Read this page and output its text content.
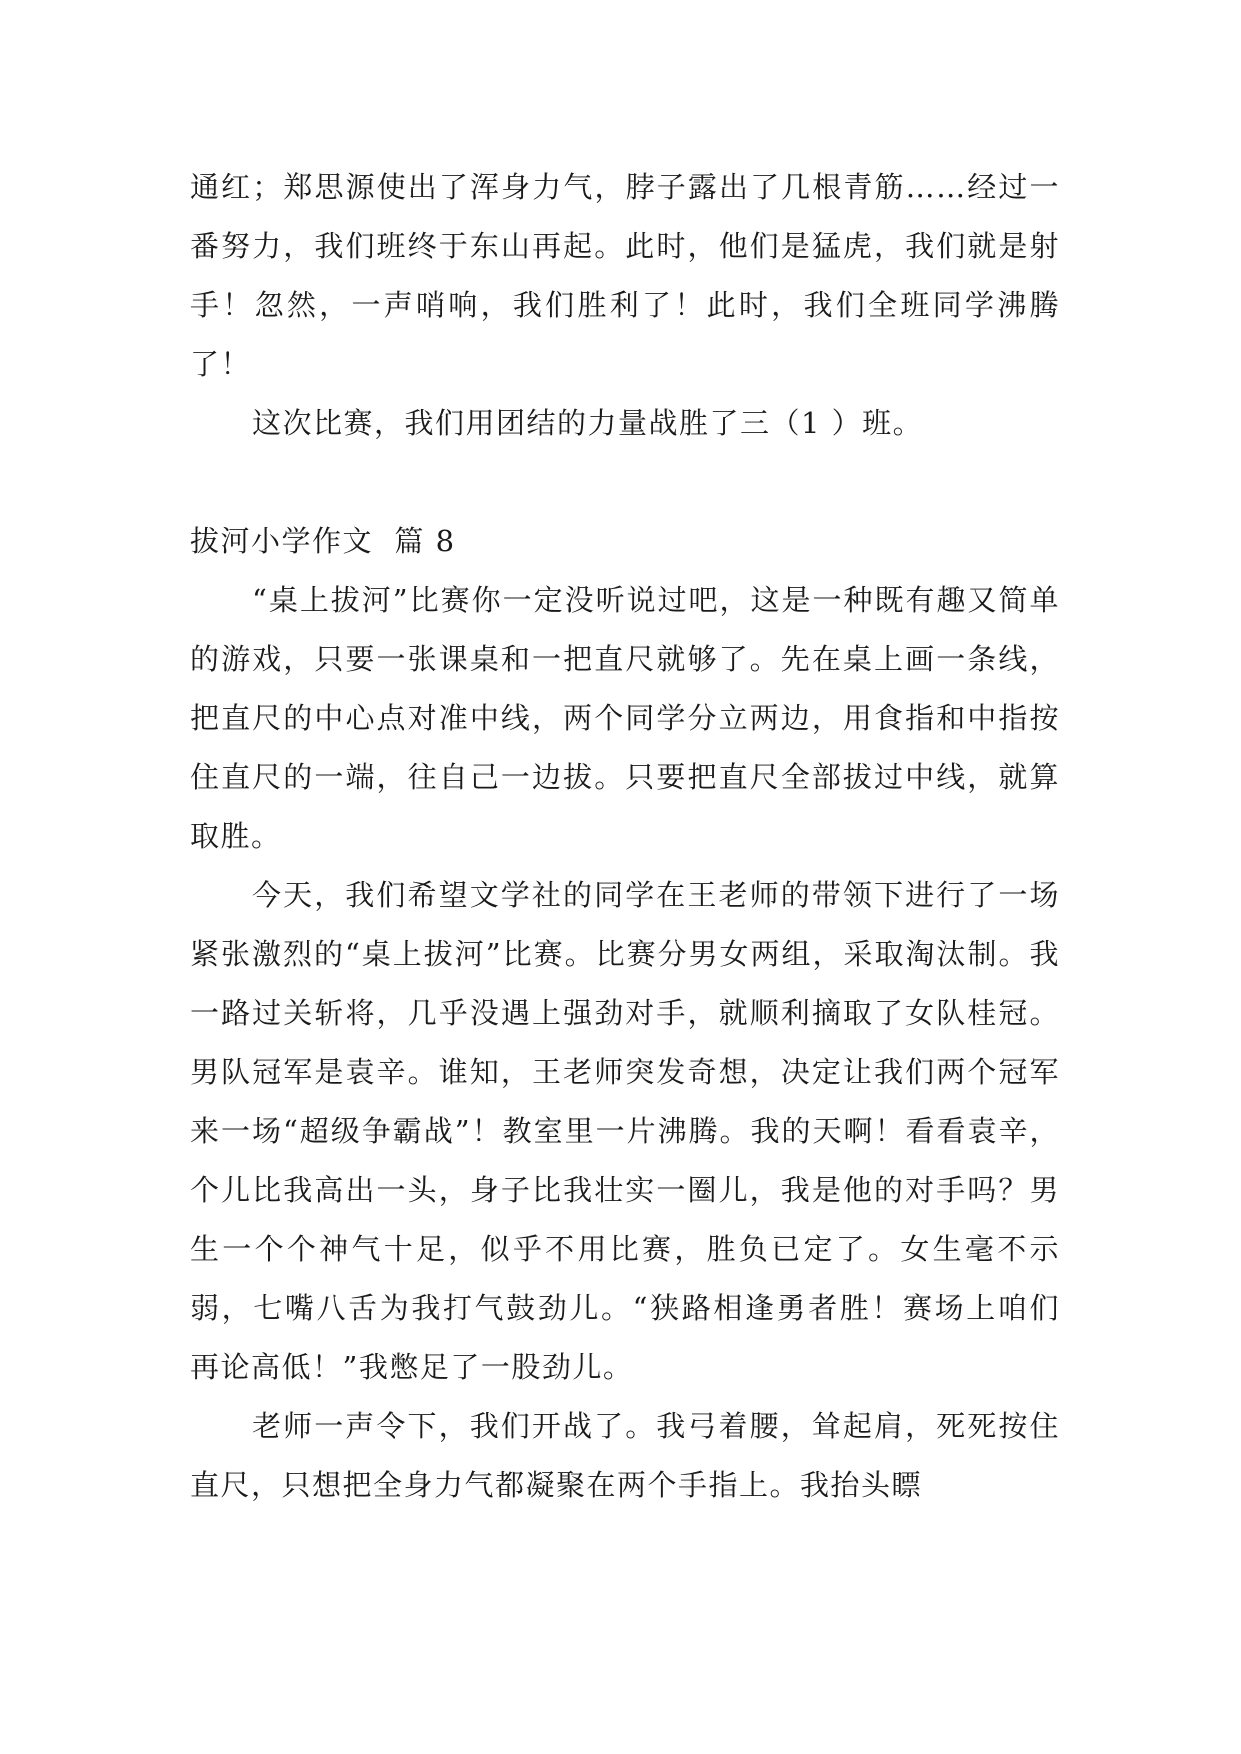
通红；郑思源使出了浑身力气，脖子露出了几根青筋……经过一番努力，我们班终于东山再起。此时，他们是猛虎，我们就是射手！忽然，一声哨响，我们胜利了！此时，我们全班同学沸腾了！

这次比赛，我们用团结的力量战胜了三（1 ）班。

拔河小学作文  篇 8

“桌上拔河”比赛你一定没听说过吧，这是一种既有趣又简单的游戏，只要一张课桌和一把直尺就够了。先在桌上画一条线，把直尺的中心点对准中线，两个同学分立两边，用食指和中指按住直尺的一端，往自己一边拔。只要把直尺全部拔过中线，就算取胜。

今天，我们希望文学社的同学在王老师的带领下进行了一场紧张激烈的“桌上拔河”比赛。比赛分男女两组，采取淘汰制。我一路过关斩将，几乎没遇上强劲对手，就顺利摘取了女队桂冠。男队冠军是袁辛。谁知，王老师突发奇想，决定让我们两个冠军来一场“超级争霸战”！教室里一片沸腾。我的天啊！看看袁辛，个儿比我高出一头，身子比我壮实一圈儿，我是他的对手吗？男生一个个神气十足，似乎不用比赛，胜负已定了。女生毫不示弱，七嘴八舌为我打气鼓劲儿。“狭路相逢勇者胜！赛场上咱们再论高低！”我憋足了一股劲儿。

老师一声令下，我们开战了。我弓着腰，耸起肩，死死按住直尺，只想把全身力气都凝聚在两个手指上。我抬头瞟
